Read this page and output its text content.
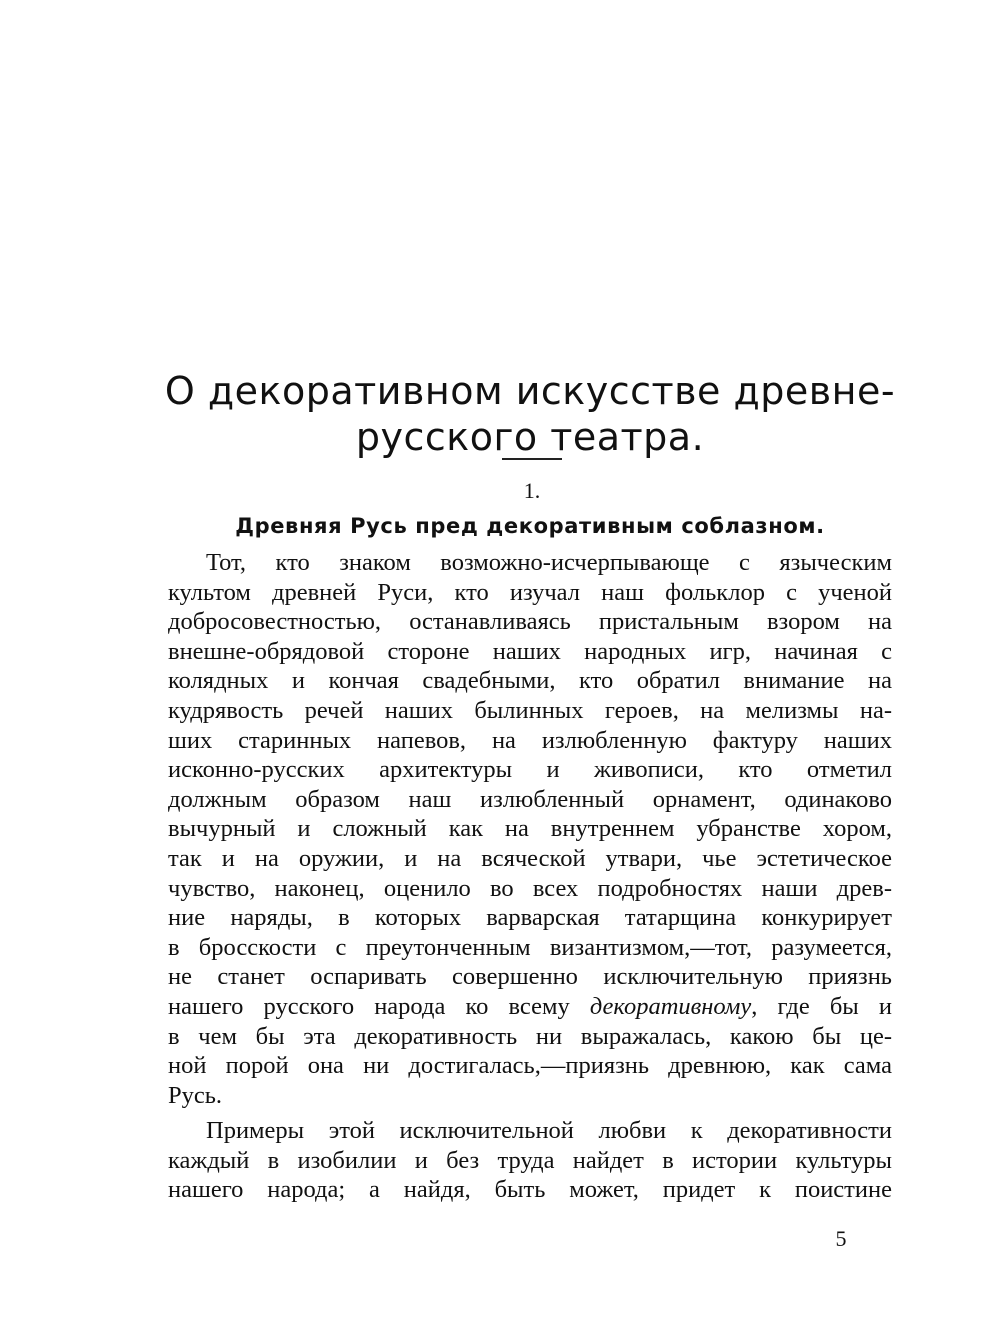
О декоративном искусстве древне-
русского театра.
1.
Древняя Русь пред декоративным соблазном.
Тот, кто знаком возможно-исчерпывающе с языческим
культом древней Руси, кто изучал наш фольклор с ученой
добросовестностью, останавливаясь пристальным взором на
внешне-обрядовой стороне наших народных игр, начиная с
колядных и кончая свадебными, кто обратил внимание на
кудрявость речей наших былинных героев, на мелизмы на-
ших старинных напевов, на излюбленную фактуру наших
исконно-русских архитектуры и живописи, кто отметил
должным образом наш излюбленный орнамент, одинаково
вычурный и сложный как на внутреннем убранстве хором,
так и на оружии, и на всяческой утвари, чье эстетическое
чувство, наконец, оценило во всех подробностях наши древ-
ние наряды, в которых варварская татарщина конкурирует
в бросскости с преутонченным византизмом,—тот, разумеется,
не станет оспаривать совершенно исключительную приязнь
нашего русского народа ко всему декоративному, где бы и
в чем бы эта декоративность ни выражалась, какою бы це-
ной порой она ни достигалась,—приязнь древнюю, как сама
Русь.
Примеры этой исключительной любви к декоративности
каждый в изобилии и без труда найдет в истории культуры
нашего народа; а найдя, быть может, придет к поистине
5
